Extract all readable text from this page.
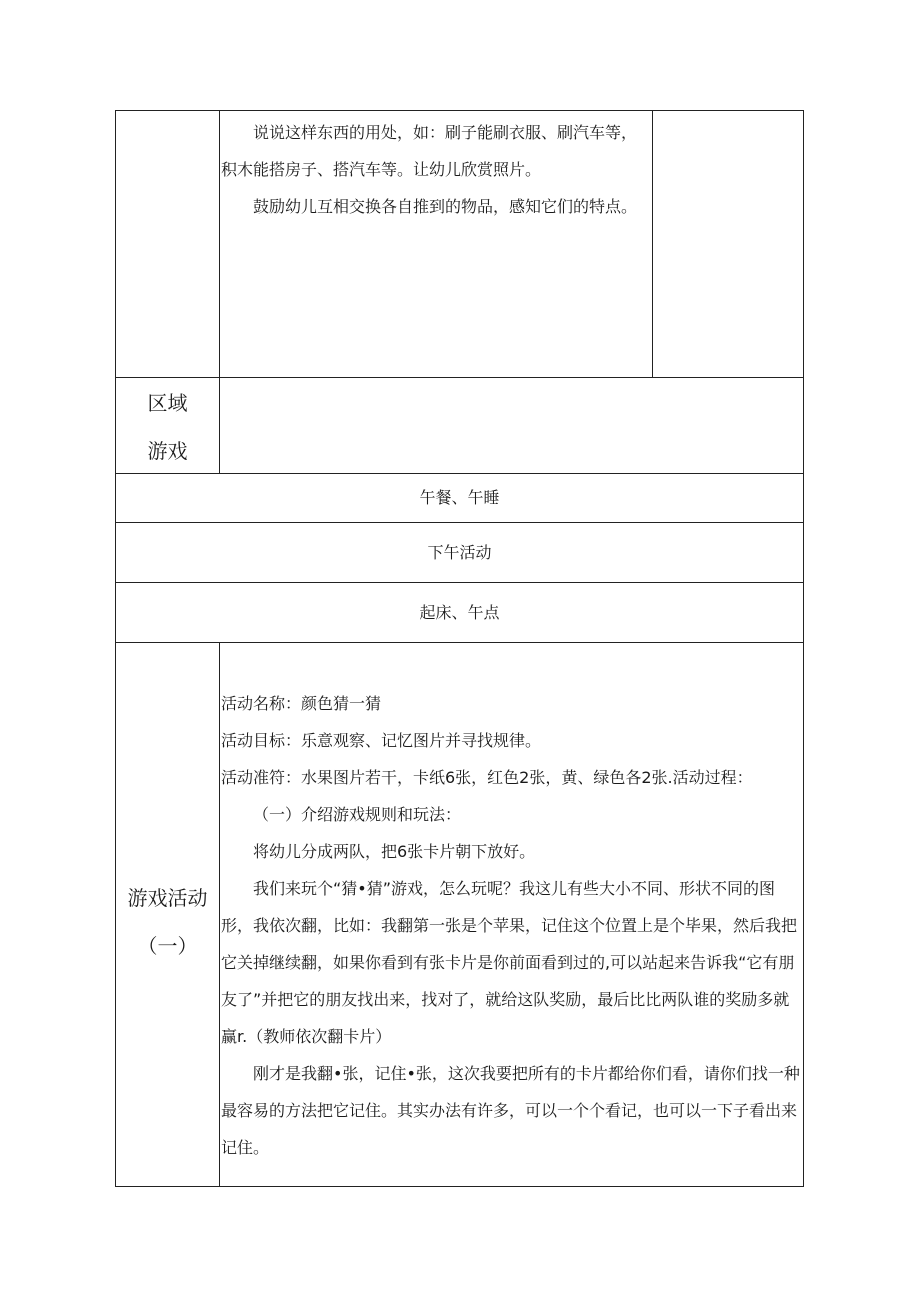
说说这样东西的用处，如：刷子能刷衣服、刷汽车等，积木能搭房子、搭汽车等。让幼儿欣赏照片。

鼓励幼儿互相交换各自推到的物品，感知它们的特点。

区域
游戏
午餐、午睡
下午活动
起床、午点
游戏活动
（一）

活动名称：颜色猜一猜

活动目标：乐意观察、记忆图片并寻找规律。

活动准符：水果图片若干，卡纸6张，红色2张，黄、绿色各2张.活动过程：

（一）介绍游戏规则和玩法：

将幼儿分成两队，把6张卡片朝下放好。

我们来玩个“猜•猜”游戏，怎么玩呢？我这儿有些大小不同、形状不同的图形，我依次翻，比如：我翻第一张是个苹果，记住这个位置上是个毕果，然后我把它关掉继续翻，如果你看到有张卡片是你前面看到过的,可以站起来告诉我“它有朋友了”并把它的朋友找出来，找对了，就给这队奖励，最后比比两队谁的奖励多就赢r.（教师依次翻卡片）

刚才是我翻•张，记住•张，这次我要把所有的卡片都给你们看，请你们找一种最容易的方法把它记住。其实办法有许多，可以一个个看记，也可以一下子看出来记住。
